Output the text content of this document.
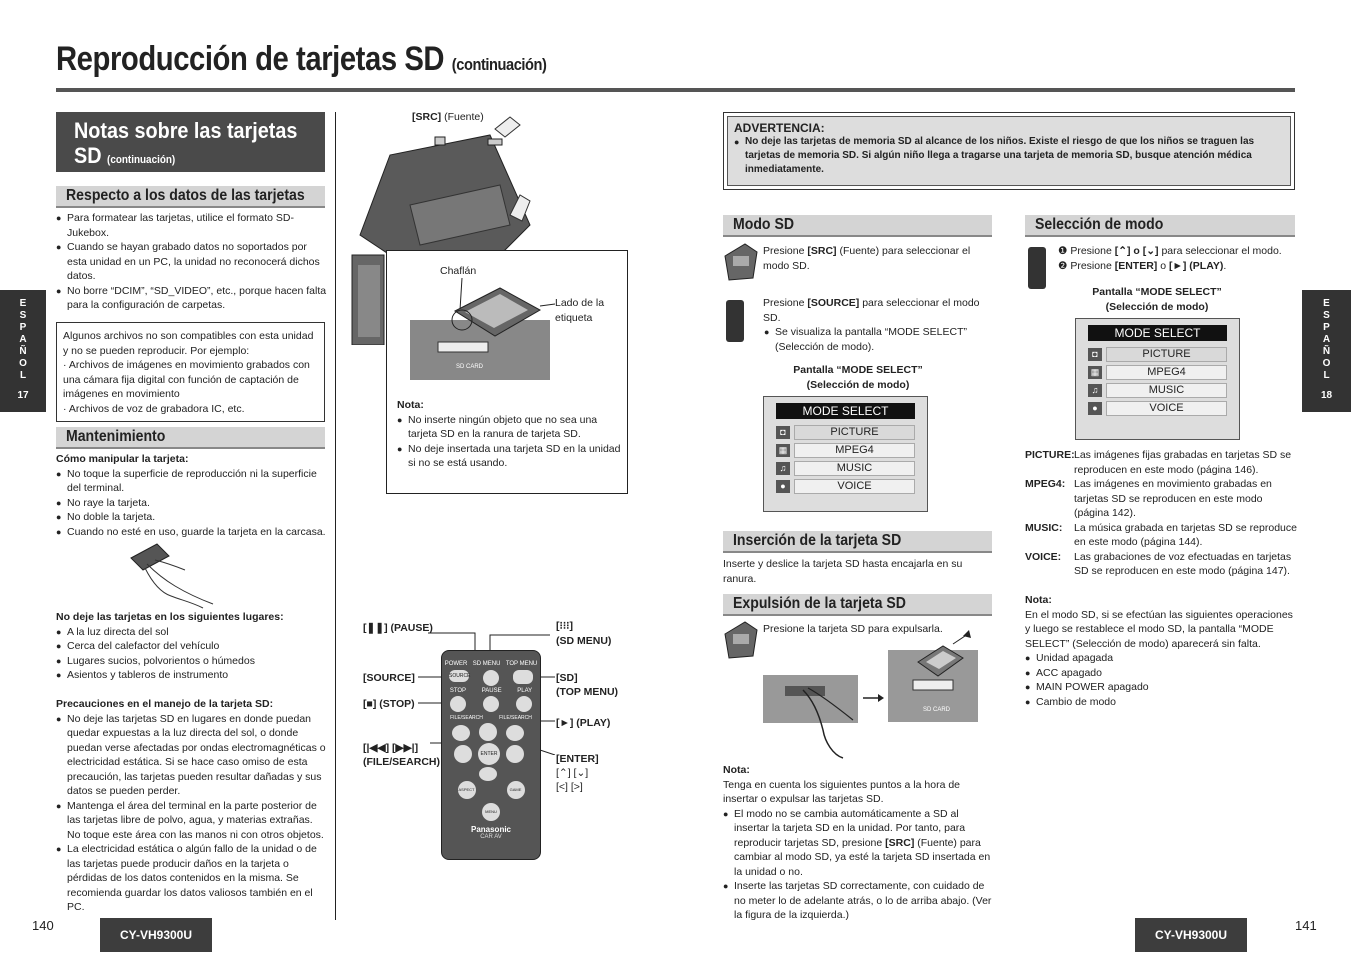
Reproducción de tarjetas SD (continuación)
E
S
P
A
Ñ
O
L
17
Notas sobre las tarjetas
SD (continuación)
Respecto a los datos de las tarjetas
● Para formatear las tarjetas, utilice el formato SD-Jukebox.
● Cuando se hayan grabado datos no soportados por esta unidad en un PC, la unidad no reconocerá dichos datos.
● No borre “DCIM”, “SD_VIDEO”, etc., porque hacen falta para la configuración de carpetas.
Algunos archivos no son compatibles con esta unidad y no se pueden reproducir. Por ejemplo:
· Archivos de imágenes en movimiento grabados con una cámara fija digital con función de captación de imágenes en movimiento
· Archivos de voz de grabadora IC, etc.
Mantenimiento
Cómo manipular la tarjeta:
● No toque la superficie de reproducción ni la superficie del terminal.
● No raye la tarjeta.
● No doble la tarjeta.
● Cuando no esté en uso, guarde la tarjeta en la carcasa.
No deje las tarjetas en los siguientes lugares:
● A la luz directa del sol
● Cerca del calefactor del vehículo
● Lugares sucios, polvorientos o húmedos
● Asientos y tableros de instrumento
Precauciones en el manejo de la tarjeta SD:
● No deje las tarjetas SD en lugares en donde puedan quedar expuestas a la luz directa del sol, o donde puedan verse afectadas por ondas electromagnéticas o electricidad estática. Si se hace caso omiso de esta precaución, las tarjetas pueden resultar dañadas y sus datos se pueden perder.
● Mantenga el área del terminal en la parte posterior de las tarjetas libre de polvo, agua, y materias extrañas. No toque este área con las manos ni con otros objetos.
● La electricidad estática o algún fallo de la unidad o de las tarjetas puede producir daños en la tarjeta o pérdidas de los datos contenidos en la misma. Se recomienda guardar los datos valiosos también en el PC.
140
CY-VH9300U
[SRC] (Fuente)
Chaflán
Lado de la etiqueta
SD CARD
Nota:
● No inserte ningún objeto que no sea una tarjeta SD en la ranura de tarjeta SD.
● No deje insertada una tarjeta SD en la unidad si no se está usando.
[❚❚] (PAUSE)	[⁝⁝⁝]
(SD MENU)
[SOURCE]	[SD]
(TOP MENU)
[■] (STOP)
[►] (PLAY)
[|◀◀] [▶▶|]
(FILE/SEARCH)	[ENTER]
[⌃] [⌄]
[<] [>]
POWER SD MENU TOP MENU
SOURCE
STOP	PAUSE	PLAY
FILE/SEARCH	FILE/SEARCH
ENTER
ASPECT	GAME
MENU
Panasonic
CAR AV
ADVERTENCIA:
● No deje las tarjetas de memoria SD al alcance de los niños. Existe el riesgo de que los niños se traguen las tarjetas de memoria SD. Si algún niño llega a tragarse una tarjeta de memoria SD, busque atención médica inmediatamente.
Modo SD
Presione [SRC] (Fuente) para seleccionar el modo SD.
Presione [SOURCE] para seleccionar el modo SD.
● Se visualiza la pantalla “MODE SELECT” (Selección de modo).
Pantalla “MODE SELECT”
(Selección de modo)
MODE SELECT
◘	PICTURE
▦	MPEG4
♫	MUSIC
●	VOICE
Inserción de la tarjeta SD
Inserte y deslice la tarjeta SD hasta encajarla en su ranura.
Expulsión de la tarjeta SD
Presione la tarjeta SD para expulsarla.
SD CARD
Nota:
Tenga en cuenta los siguientes puntos a la hora de insertar o expulsar las tarjetas SD.
● El modo no se cambia automáticamente a SD al insertar la tarjeta SD en la unidad. Por tanto, para reproducir tarjetas SD, presione [SRC] (Fuente) para cambiar al modo SD, ya esté la tarjeta SD insertada en la unidad o no.
● Inserte las tarjetas SD correctamente, con cuidado de no meter lo de adelante atrás, o lo de arriba abajo. (Ver la figura de la izquierda.)
Selección de modo
❶ Presione [⌃] o [⌄] para seleccionar el modo.
❷ Presione [ENTER] o [►] (PLAY).
Pantalla “MODE SELECT”
(Selección de modo)
MODE SELECT
◘	PICTURE
▦	MPEG4
♫	MUSIC
●	VOICE
PICTURE: Las imágenes fijas grabadas en tarjetas SD se reproducen en este modo (página 146).
MPEG4: Las imágenes en movimiento grabadas en tarjetas SD se reproducen en este modo (página 142).
MUSIC:	La música grabada en tarjetas SD se reproduce en este modo (página 144).
VOICE:	Las grabaciones de voz efectuadas en tarjetas SD se reproducen en este modo (página 147).
Nota:
En el modo SD, si se efectúan las siguientes operaciones y luego se restablece el modo SD, la pantalla “MODE SELECT” (Selección de modo) aparecerá sin falta.
● Unidad apagada
● ACC apagado
● MAIN POWER apagado
● Cambio de modo
E
S
P
A
Ñ
O
L
18
CY-VH9300U
141
